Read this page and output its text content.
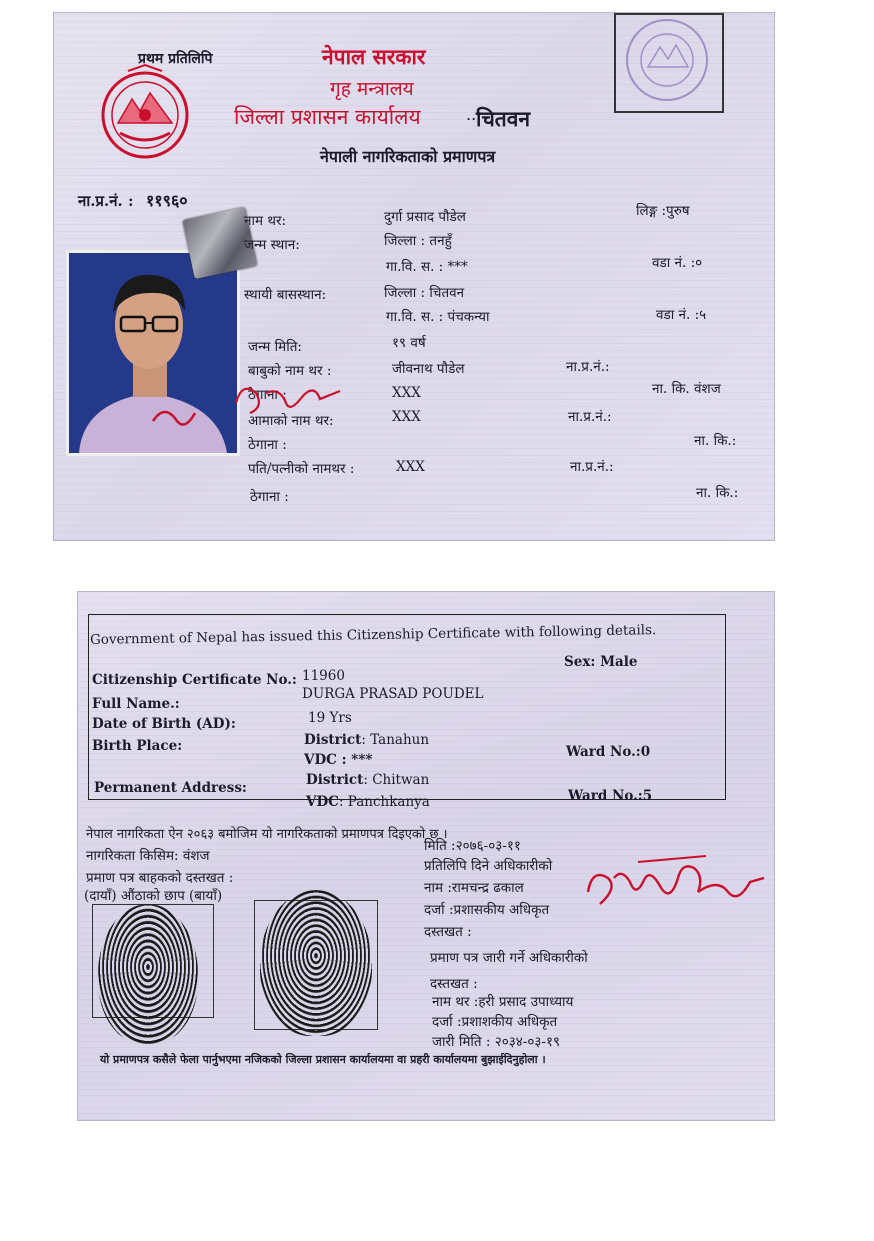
प्रथम प्रतिलिपि	नेपाल सरकार
गृह मन्त्रालय
जिल्ला प्रशासन कार्यालय	.. चितवन
नेपाली नागरिकताको प्रमाणपत्र
ना.प्र.नं. : ११९६०
नाम थर:	दुर्गा प्रसाद पौडेल	लिङ्ग :पुरुष
जन्म स्थान:	जिल्ला : तनहुँ
गा.वि. स. : ***	वडा नं. :०
स्थायी बासस्थान:	जिल्ला : चितवन
गा.वि. स. : पंचकन्या	वडा नं. :५
जन्म मिति:	१९ वर्ष
बाबुको नाम थर :	जीवनाथ पौडेल	ना.प्र.नं.:
ठेगाना :	XXX	ना. कि. वंशज
आमाको नाम थर:	XXX	ना.प्र.नं.:
ठेगाना :	ना. कि.:
पति/पत्नीको नामथर :	XXX	ना.प्र.नं.:
ठेगाना :	ना. कि.:
Government of Nepal has issued this Citizenship Certificate with following details.
Sex: Male
Citizenship Certificate No.: 11960
Full Name.:
DURGA PRASAD POUDEL
Date of Birth (AD):	19 Yrs
Birth Place:	District: Tanahun
VDC : ***	Ward No.:0
Permanent Address:	District: Chitwan
VDC: Panchkanya	Ward No.:5
नेपाल नागरिकता ऐन २०६३ बमोजिम यो नागरिकताको प्रमाणपत्र दिइएको छ ।
नागरिकता किसिम: वंशज
मिति :२०७६-०३-११
प्रतिलिपि दिने अधिकारीको
प्रमाण पत्र बाहकको दस्तखत :
(दायाँ) औंठाको छाप (बायाँ)	नाम :रामचन्द्र ढकाल
दर्जा :प्रशासकीय अधिकृत
दस्तखत :
प्रमाण पत्र जारी गर्ने अधिकारीको
दस्तखत :
नाम थर :हरी प्रसाद उपाध्याय
दर्जा :प्रशाशकीय अधिकृत
जारी मिति : २०३४-०३-१९
यो प्रमाणपत्र कसैले फेला पार्नुभएमा नजिकको जिल्ला प्रशासन कार्यालयमा वा प्रहरी कार्यालयमा बुझाईदिनुहोला ।
